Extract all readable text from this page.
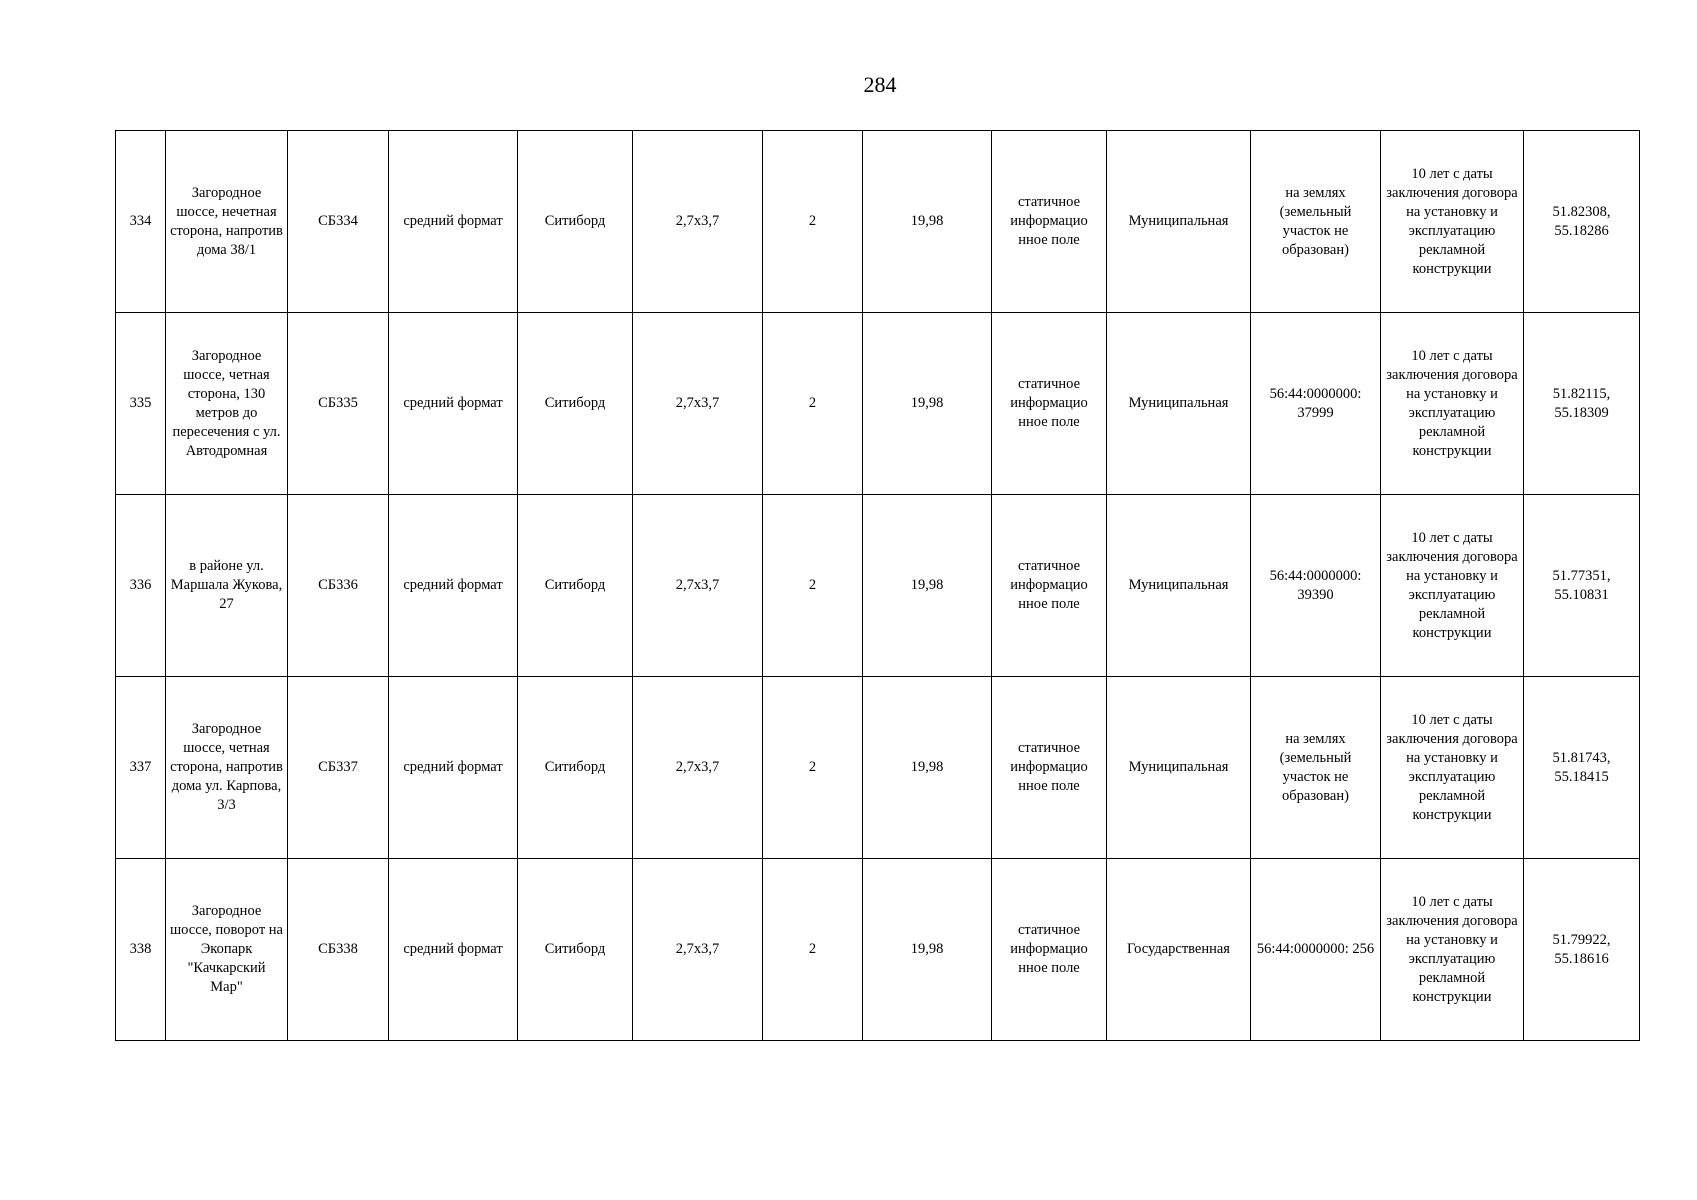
284
334	Загородное шоссе, нечетная сторона, напротив дома 38/1	СБ334	средний формат	Ситиборд	2,7х3,7	2	19,98	статичное информацио нное поле	Муниципальная	на землях (земельный участок не образован)	10 лет с даты заключения договора на установку и эксплуатацию рекламной конструкции	51.82308, 55.18286
335	Загородное шоссе, четная сторона, 130 метров до пересечения с ул. Автодромная	СБ335	средний формат	Ситиборд	2,7х3,7	2	19,98	статичное информацио нное поле	Муниципальная	56:44:0000000: 37999	10 лет с даты заключения договора на установку и эксплуатацию рекламной конструкции	51.82115, 55.18309
336	в районе ул. Маршала Жукова, 27	СБ336	средний формат	Ситиборд	2,7х3,7	2	19,98	статичное информацио нное поле	Муниципальная	56:44:0000000: 39390	10 лет с даты заключения договора на установку и эксплуатацию рекламной конструкции	51.77351, 55.10831
337	Загородное шоссе, четная сторона, напротив дома ул. Карпова, 3/3	СБ337	средний формат	Ситиборд	2,7х3,7	2	19,98	статичное информацио нное поле	Муниципальная	на землях (земельный участок не образован)	10 лет с даты заключения договора на установку и эксплуатацию рекламной конструкции	51.81743, 55.18415
338	Загородное шоссе, поворот на Экопарк "Качкарский Мар"	СБ338	средний формат	Ситиборд	2,7х3,7	2	19,98	статичное информацио нное поле	Государственная	56:44:0000000: 256	10 лет с даты заключения договора на установку и эксплуатацию рекламной конструкции	51.79922, 55.18616
